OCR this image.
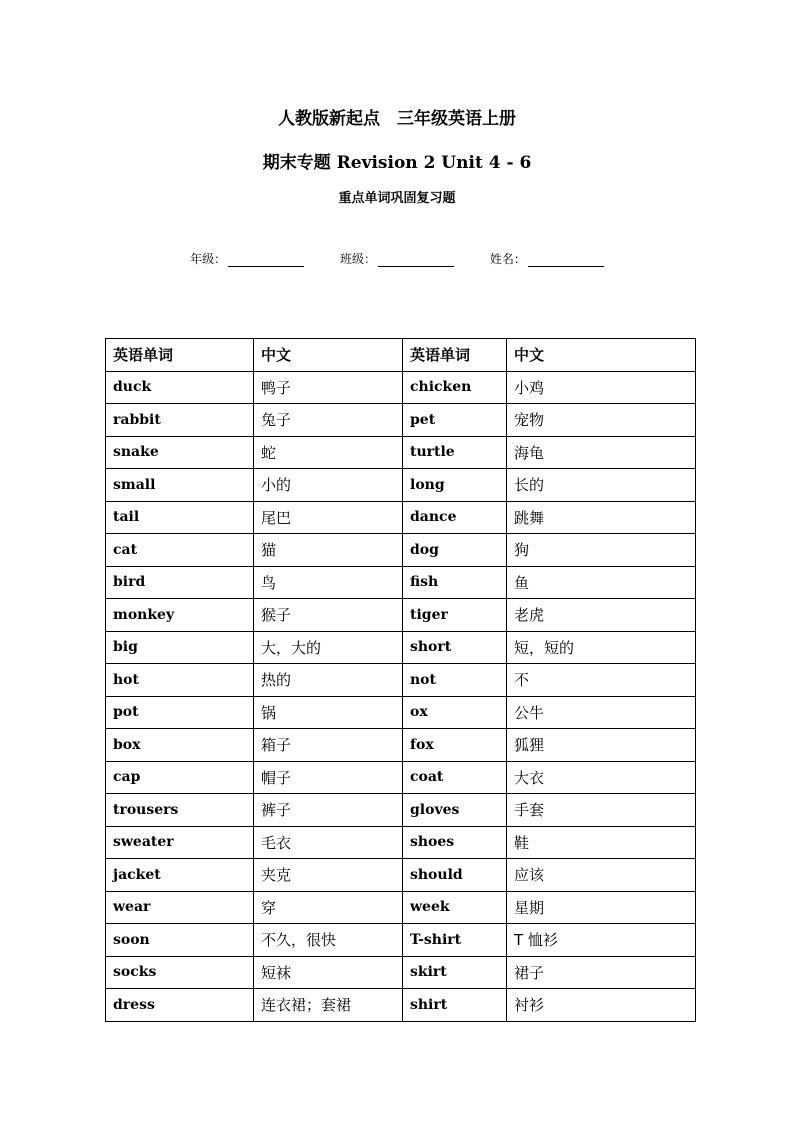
人教版新起点　三年级英语上册
期末专题 Revision 2 Unit 4 - 6
重点单词巩固复习题
年级：	班级：	姓名：
英语单词	中文	英语单词	中文
duck	鸭子	chicken	小鸡
rabbit	兔子	pet	宠物
snake	蛇	turtle	海龟
small	小的	long	长的
tail	尾巴	dance	跳舞
cat	猫	dog	狗
bird	鸟	fish	鱼
monkey	猴子	tiger	老虎
big	大，大的	short	短，短的
hot	热的	not	不
pot	锅	ox	公牛
box	箱子	fox	狐狸
cap	帽子	coat	大衣
trousers	裤子	gloves	手套
sweater	毛衣	shoes	鞋
jacket	夹克	should	应该
wear	穿	week	星期
soon	不久，很快	T-shirt	T 恤衫
socks	短袜	skirt	裙子
dress	连衣裙；套裙	shirt	衬衫
